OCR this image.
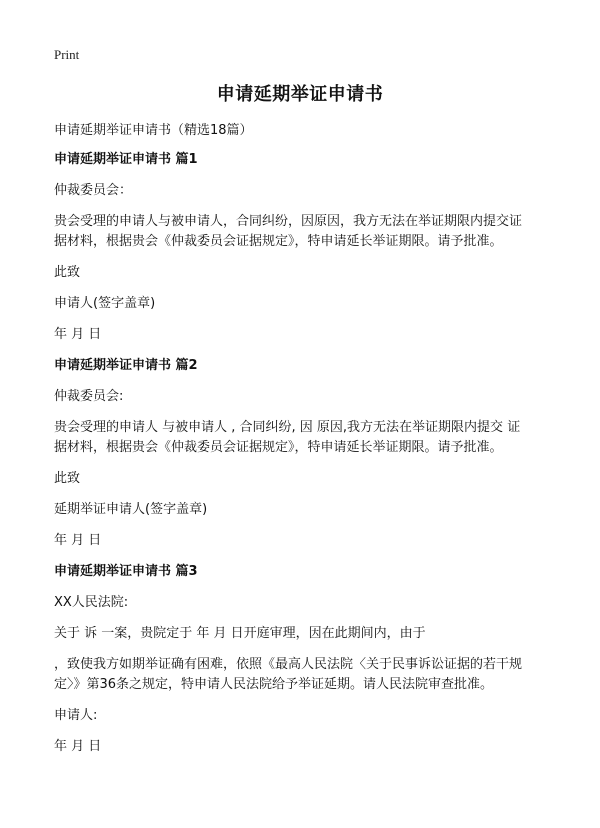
Print
申请延期举证申请书
申请延期举证申请书（精选18篇）
申请延期举证申请书 篇1
仲裁委员会：
贵会受理的申请人与被申请人，合同纠纷，因原因，我方无法在举证期限内提交证
据材料，根据贵会《仲裁委员会证据规定》，特申请延长举证期限。请予批准。
此致
申请人(签字盖章)
年 月 日
申请延期举证申请书 篇2
仲裁委员会:
贵会受理的申请人 与被申请人 , 合同纠纷, 因 原因,我方无法在举证期限内提交 证
据材料，根据贵会《仲裁委员会证据规定》，特申请延长举证期限。请予批准。
此致
延期举证申请人(签字盖章)
年 月 日
申请延期举证申请书 篇3
XX人民法院:
关于 诉 一案，贵院定于 年 月 日开庭审理，因在此期间内，由于
，致使我方如期举证确有困难，依照《最高人民法院〈关于民事诉讼证据的若干规
定〉》第36条之规定，特申请人民法院给予举证延期。请人民法院审查批准。
申请人:
年 月 日
